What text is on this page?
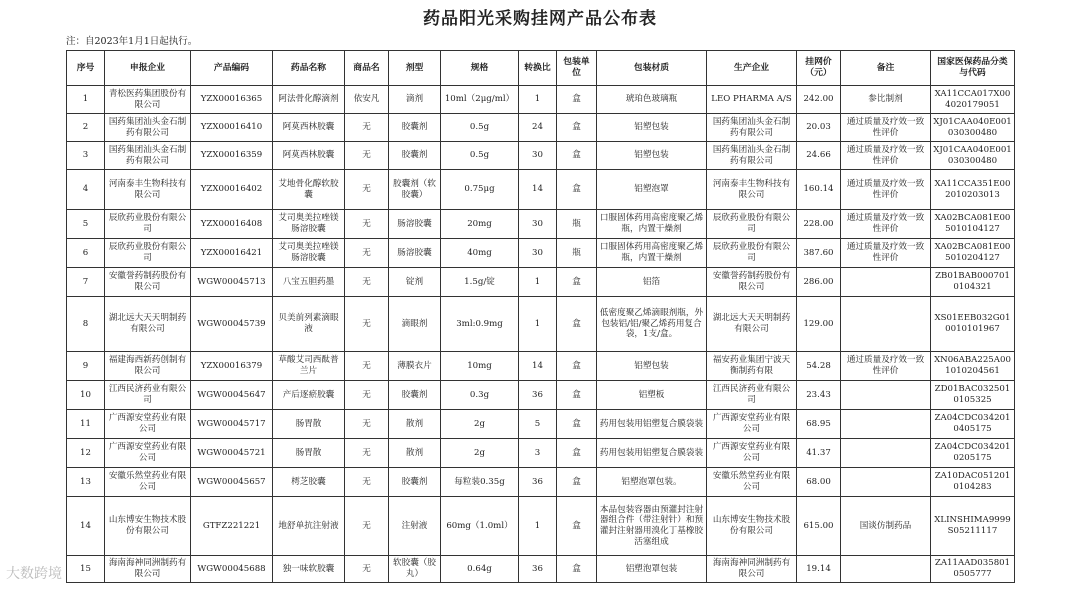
药品阳光采购挂网产品公布表
注：自2023年1月1日起执行。
序号	申报企业	产品编码	药品名称	商品名	剂型	规格	转换比	包装单位	包装材质	生产企业	挂网价（元）	备注	国家医保药品分类与代码
1	青松医药集团股份有限公司	YZX00016365	阿法骨化醇滴剂	依安凡	滴剂	10ml（2μg/ml）	1	盒	琥珀色玻璃瓶	LEO PHARMA A/S	242.00	参比制剂	XA11CCA017X004020179051
2	国药集团汕头金石制药有限公司	YZX00016410	阿莫西林胶囊	无	胶囊剂	0.5g	24	盒	铝塑包装	国药集团汕头金石制药有限公司	20.03	通过质量及疗效一致性评价	XJ01CAA040E001030300480
3	国药集团汕头金石制药有限公司	YZX00016359	阿莫西林胶囊	无	胶囊剂	0.5g	30	盒	铝塑包装	国药集团汕头金石制药有限公司	24.66	通过质量及疗效一致性评价	XJ01CAA040E001030300480
4	河南泰丰生物科技有限公司	YZX00016402	艾地骨化醇软胶囊	无	胶囊剂（软胶囊）	0.75μg	14	盒	铝塑泡罩	河南泰丰生物科技有限公司	160.14	通过质量及疗效一致性评价	XA11CCA351E002010203013
5	辰欣药业股份有限公司	YZX00016408	艾司奥美拉唑镁肠溶胶囊	无	肠溶胶囊	20mg	30	瓶	口服固体药用高密度聚乙烯瓶，内置干燥剂	辰欣药业股份有限公司	228.00	通过质量及疗效一致性评价	XA02BCA081E005010104127
6	辰欣药业股份有限公司	YZX00016421	艾司奥美拉唑镁肠溶胶囊	无	肠溶胶囊	40mg	30	瓶	口服固体药用高密度聚乙烯瓶，内置干燥剂	辰欣药业股份有限公司	387.60	通过质量及疗效一致性评价	XA02BCA081E005010204127
7	安徽誉药制药股份有限公司	WGW00045713	八宝五胆药墨	无	锭剂	1.5g/锭	1	盒	铝箔	安徽誉药制药股份有限公司	286.00		ZB01BAB0007010104321
8	湖北远大天天明制药有限公司	WGW00045739	贝美前列素滴眼液	无	滴眼剂	3ml:0.9mg	1	盒	低密度聚乙烯滴眼剂瓶，外包装铝/铝/聚乙烯药用复合袋，1支/盒。	湖北远大天天明制药有限公司	129.00		XS01EEB032G010010101967
9	福建海西新药创制有限公司	YZX00016379	草酸艾司西酞普兰片	无	薄膜衣片	10mg	14	盒	铝塑包装	福安药业集团宁波天衡制药有限	54.28	通过质量及疗效一致性评价	XN06ABA225A001010204561
10	江西民济药业有限公司	WGW00045647	产后逐瘀胶囊	无	胶囊剂	0.3g	36	盒	铝塑板	江西民济药业有限公司	23.43		ZD01BAC0325010105325
11	广西源安堂药业有限公司	WGW00045717	肠胃散	无	散剂	2g	5	盒	药用包装用铝塑复合膜袋装	广西源安堂药业有限公司	68.95		ZA04CDC0342010405175
12	广西源安堂药业有限公司	WGW00045721	肠胃散	无	散剂	2g	3	盒	药用包装用铝塑复合膜袋装	广西源安堂药业有限公司	41.37		ZA04CDC0342010205175
13	安徽乐然堂药业有限公司	WGW00045657	樗芝胶囊	无	胶囊剂	每粒装0.35g	36	盒	铝塑泡罩包装。	安徽乐然堂药业有限公司	68.00		ZA10DAC0512010104283
14	山东博安生物技术股份有限公司	GTFZ221221	地舒单抗注射液	无	注射液	60mg（1.0ml）	1	盒	本品包装容器由预灌封注射器组合件（带注射针）和预灌封注射器用溴化丁基橡胶活塞组成	山东博安生物技术股份有限公司	615.00	国谈仿制药品	XLINSHIMA9999S05211117
15	海南海神同洲制药有限公司	WGW00045688	独一味软胶囊	无	软胶囊（胶丸）	0.64g	36	盒	铝塑泡罩包装	海南海神同洲制药有限公司	19.14		ZA11AAD0358010505777
大数跨境
